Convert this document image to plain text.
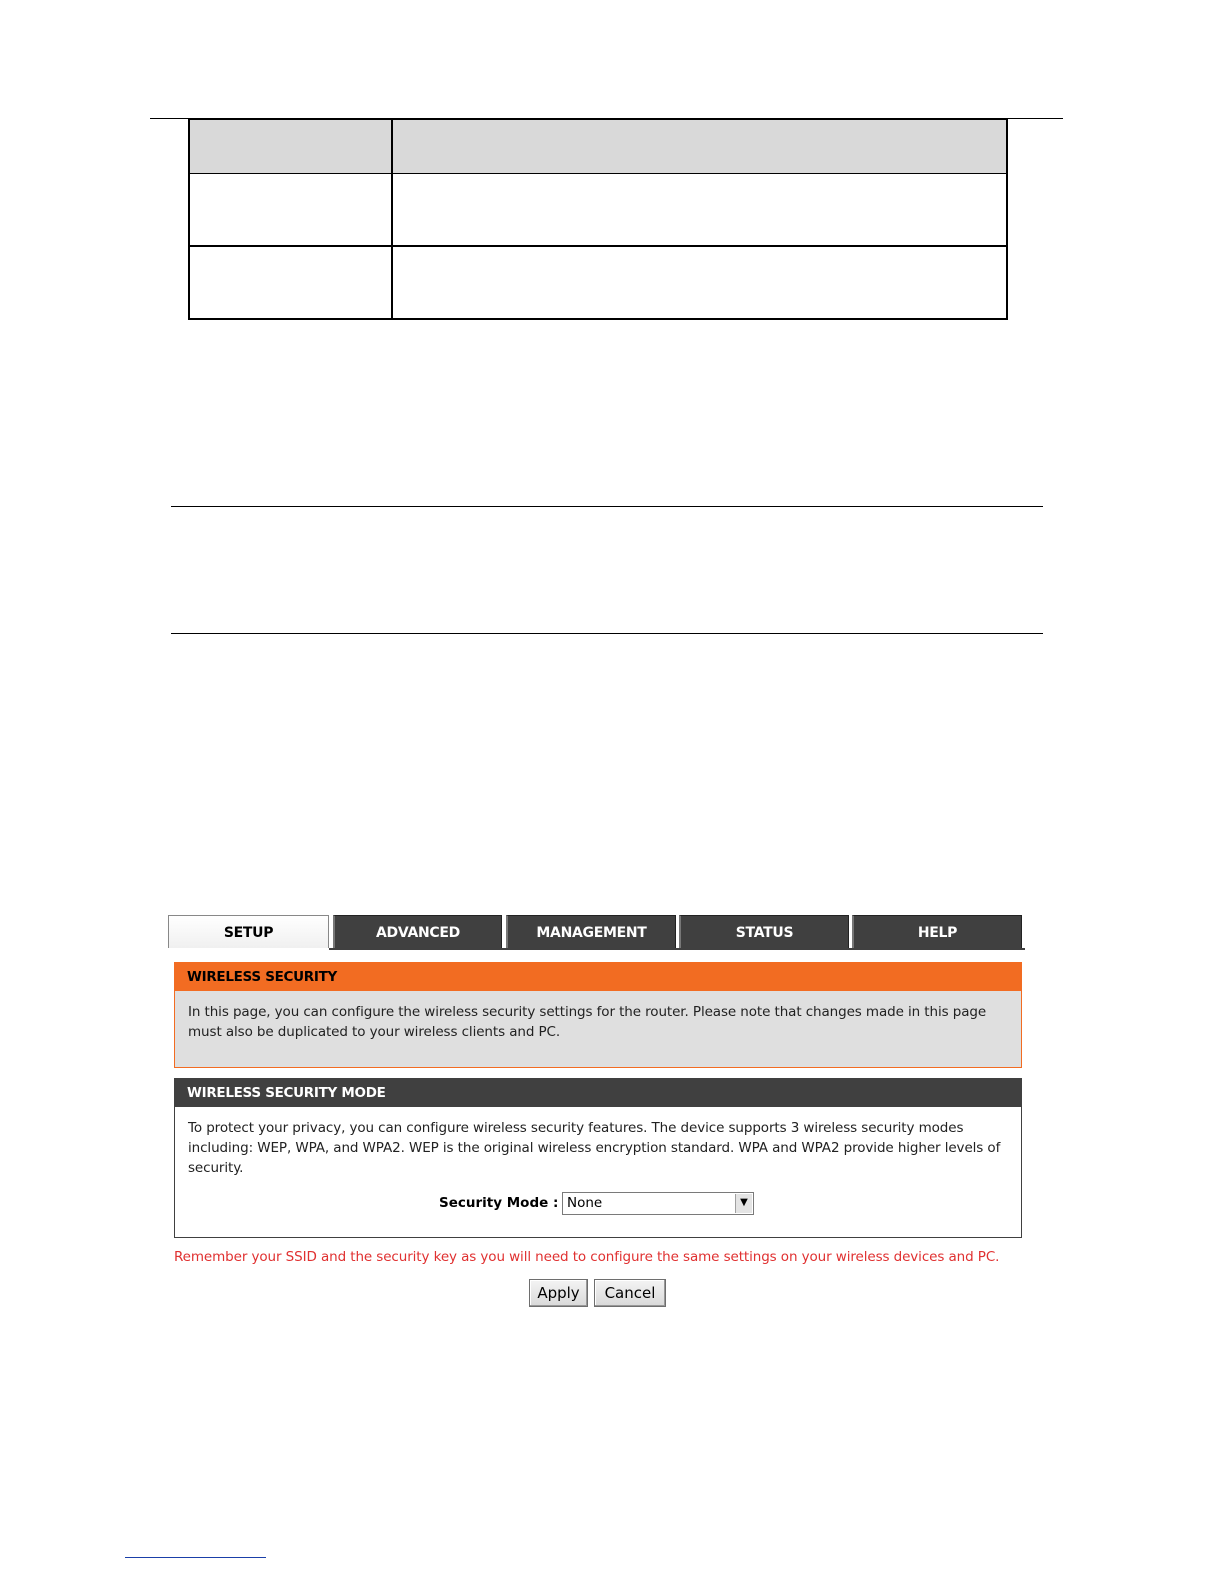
SETUP	ADVANCED	MANAGEMENT	STATUS	HELP
WIRELESS SECURITY
In this page, you can configure the wireless security settings for the router. Please note that changes made in this page must also be duplicated to your wireless clients and PC.
WIRELESS SECURITY MODE
To protect your privacy, you can configure wireless security features. The device supports 3 wireless security modes including: WEP, WPA, and WPA2. WEP is the original wireless encryption standard. WPA and WPA2 provide higher levels of security.
Security Mode : None	▼
Remember your SSID and the security key as you will need to configure the same settings on your wireless devices and PC.
Apply	Cancel
